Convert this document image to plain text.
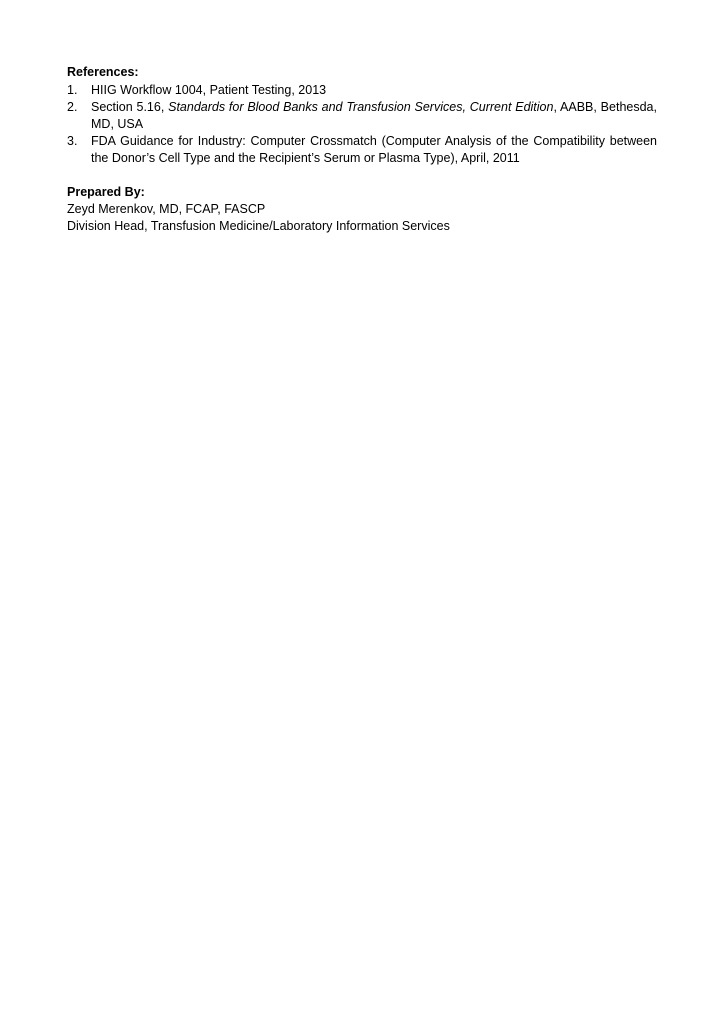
References:
1.	HIIG Workflow 1004, Patient Testing, 2013
2.	Section 5.16, Standards for Blood Banks and Transfusion Services, Current Edition, AABB, Bethesda, MD, USA
3.	FDA Guidance for Industry: Computer Crossmatch (Computer Analysis of the Compatibility between the Donor’s Cell Type and the Recipient’s Serum or Plasma Type), April, 2011
Prepared By:
Zeyd Merenkov, MD, FCAP, FASCP
Division Head, Transfusion Medicine/Laboratory Information Services
